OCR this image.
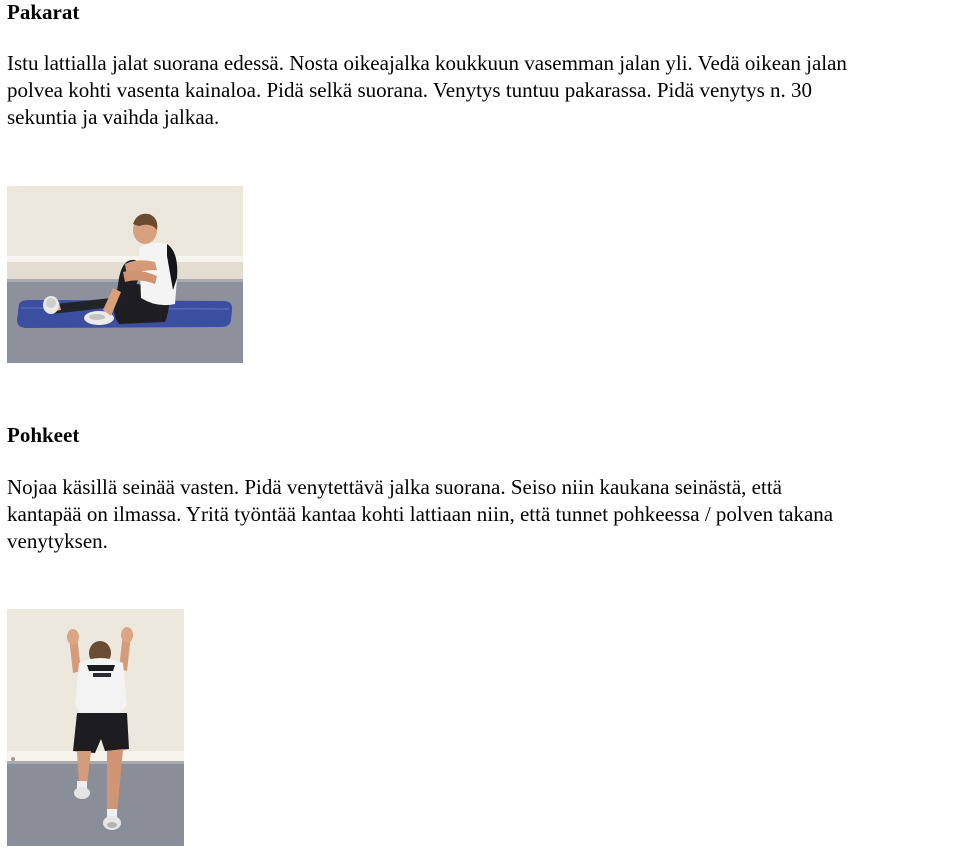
Pakarat

Istu lattialla jalat suorana edessä. Nosta oikeajalka koukkuun vasemman jalan yli. Vedä oikean jalan
polvea kohti vasenta kainaloa. Pidä selkä suorana. Venytys tuntuu pakarassa. Pidä venytys n. 30
sekuntia ja vaihda jalkaa.

Pohkeet

Nojaa käsillä seinää vasten. Pidä venytettävä jalka suorana. Seiso niin kaukana seinästä, että
kantapää on ilmassa. Yritä työntää kantaa kohti lattiaan niin, että tunnet pohkeessa / polven takana
venytyksen.
